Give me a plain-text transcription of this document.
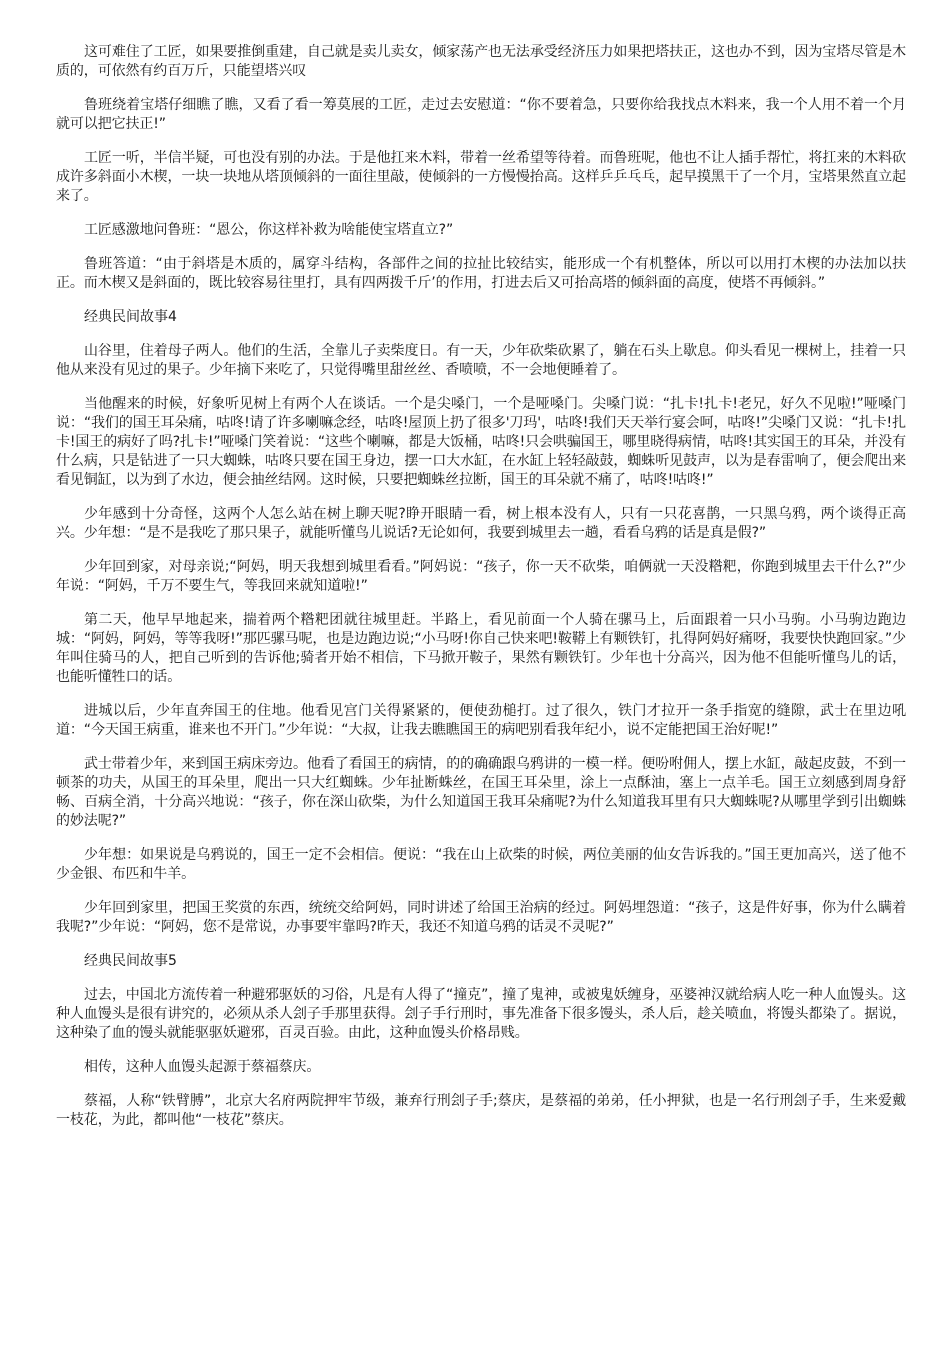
这可难住了工匠，如果要推倒重建，自己就是卖儿卖女，倾家荡产也无法承受经济压力如果把塔扶正，这也办不到，因为宝塔尽管是木质的，可依然有约百万斤，只能望塔兴叹

鲁班绕着宝塔仔细瞧了瞧，又看了看一筹莫展的工匠，走过去安慰道：“你不要着急，只要你给我找点木料来，我一个人用不着一个月就可以把它扶正!”

工匠一听，半信半疑，可也没有别的办法。于是他扛来木料，带着一丝希望等待着。而鲁班呢，他也不让人插手帮忙，将扛来的木料砍成许多斜面小木楔，一块一块地从塔顶倾斜的一面往里敲，使倾斜的一方慢慢抬高。这样乒乒乓乓，起早摸黑干了一个月，宝塔果然直立起来了。

工匠感激地问鲁班：“恩公，你这样补救为啥能使宝塔直立?”

鲁班答道：“由于斜塔是木质的，属穿斗结构，各部件之间的拉扯比较结实，能形成一个有机整体，所以可以用打木楔的办法加以扶正。而木楔又是斜面的，既比较容易往里打，具有四两拨千斤’的作用，打进去后又可抬高塔的倾斜面的高度，使塔不再倾斜。”

经典民间故事4

山谷里，住着母子两人。他们的生活，全靠儿子卖柴度日。有一天，少年砍柴砍累了，躺在石头上歇息。仰头看见一棵树上，挂着一只他从来没有见过的果子。少年摘下来吃了，只觉得嘴里甜丝丝、香喷喷，不一会地便睡着了。

当他醒来的时候，好象听见树上有两个人在谈话。一个是尖嗓门，一个是哑嗓门。尖嗓门说：“扎卡!扎卡!老兄，好久不见啦!”哑嗓门说：“我们的国王耳朵痛，咕咚!请了许多喇嘛念经，咕咚!屋顶上扔了很多'刀玛'，咕咚!我们天天举行宴会呵，咕咚!”尖嗓门又说：“扎卡!扎卡!国王的病好了吗?扎卡!”哑嗓门笑着说：“这些个喇嘛，都是大饭桶，咕咚!只会哄骗国王，哪里晓得病情，咕咚!其实国王的耳朵，并没有什么病，只是钻进了一只大蜘蛛，咕咚只要在国王身边，摆一口大水缸，在水缸上轻轻敲鼓，蜘蛛听见鼓声，以为是春雷响了，便会爬出来看见铜缸，以为到了水边，便会抽丝结网。这时候，只要把蜘蛛丝拉断，国王的耳朵就不痛了，咕咚!咕咚!”

少年感到十分奇怪，这两个人怎么站在树上聊天呢?睁开眼睛一看，树上根本没有人，只有一只花喜鹊，一只黑乌鸦，两个谈得正高兴。少年想：“是不是我吃了那只果子，就能听懂鸟儿说话?无论如何，我要到城里去一趟，看看乌鸦的话是真是假?”

少年回到家，对母亲说;“阿妈，明天我想到城里看看。”阿妈说：“孩子，你一天不砍柴，咱俩就一天没糌粑，你跑到城里去干什么?”少年说：“阿妈，千万不要生气，等我回来就知道啦!”

第二天，他早早地起来，揣着两个糌粑团就往城里赶。半路上，看见前面一个人骑在骡马上，后面跟着一只小马驹。小马驹边跑边城：“阿妈，阿妈，等等我呀!”那匹骡马呢，也是边跑边说;“小马呀!你自己快来吧!鞍鞯上有颗铁钉，扎得阿妈好痛呀，我要快快跑回家。”少年叫住骑马的人，把自己听到的告诉他;骑者开始不相信，下马掀开鞍子，果然有颗铁钉。少年也十分高兴，因为他不但能听懂鸟儿的话，也能听懂牲口的话。

进城以后，少年直奔国王的住地。他看见宫门关得紧紧的，便使劲槌打。过了很久，铁门才拉开一条手指宽的缝隙，武士在里边吼道：“今天国王病重，谁来也不开门。”少年说：“大叔，让我去瞧瞧国王的病吧别看我年纪小，说不定能把国王治好呢!”

武士带着少年，来到国王病床旁边。他看了看国王的病情，的的确确跟乌鸦讲的一模一样。便吩咐佣人，摆上水缸，敲起皮鼓，不到一顿茶的功夫，从国王的耳朵里，爬出一只大红蜘蛛。少年扯断蛛丝，在国王耳朵里，涂上一点酥油，塞上一点羊毛。国王立刻感到周身舒畅、百病全消，十分高兴地说：“孩子，你在深山砍柴，为什么知道国王我耳朵痛呢?为什么知道我耳里有只大蜘蛛呢?从哪里学到引出蜘蛛的妙法呢?”

少年想：如果说是乌鸦说的，国王一定不会相信。便说：“我在山上砍柴的时候，两位美丽的仙女告诉我的。”国王更加高兴，送了他不少金银、布匹和牛羊。

少年回到家里，把国王奖赏的东西，统统交给阿妈，同时讲述了给国王治病的经过。阿妈埋怨道：“孩子，这是件好事，你为什么瞒着我呢?”少年说：“阿妈，您不是常说，办事要牢靠吗?昨天，我还不知道乌鸦的话灵不灵呢?”

经典民间故事5

过去，中国北方流传着一种避邪驱妖的习俗，凡是有人得了“撞克”，撞了鬼神，或被鬼妖缠身，巫婆神汉就给病人吃一种人血馒头。这种人血馒头是很有讲究的，必须从杀人刽子手那里获得。刽子手行刑时，事先准备下很多馒头，杀人后，趁关喷血，将馒头都染了。据说，这种染了血的馒头就能驱驱妖避邪，百灵百验。由此，这种血馒头价格昂贱。

相传，这种人血馒头起源于蔡福蔡庆。

蔡福，人称“铁臂膊”，北京大名府两院押牢节级，兼弃行刑刽子手;蔡庆，是蔡福的弟弟，任小押狱，也是一名行刑刽子手，生来爱戴一枝花，为此，都叫他“一枝花”蔡庆。
